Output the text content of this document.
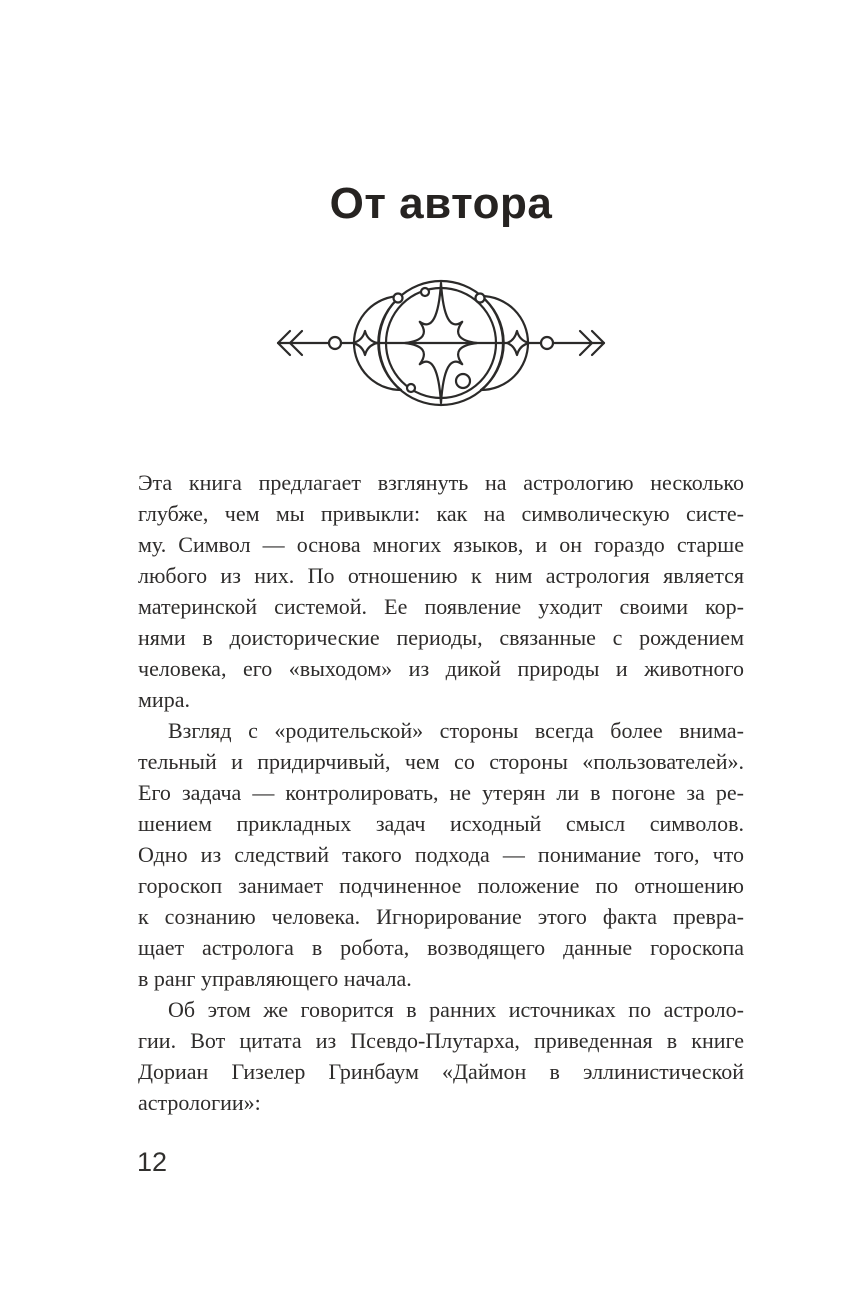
От автора
Эта книга предлагает взглянуть на астрологию несколько
глубже, чем мы привыкли: как на символическую систе-
му. Символ — основа многих языков, и он гораздо старше
любого из них. По отношению к ним астрология является
материнской системой. Ее появление уходит своими кор-
нями в доисторические периоды, связанные с рождением
человека, его «выходом» из дикой природы и животного
мира.
Взгляд с «родительской» стороны всегда более внима-
тельный и придирчивый, чем со стороны «пользователей».
Его задача — контролировать, не утерян ли в погоне за ре-
шением прикладных задач исходный смысл символов.
Одно из следствий такого подхода — понимание того, что
гороскоп занимает подчиненное положение по отношению
к сознанию человека. Игнорирование этого факта превра-
щает астролога в робота, возводящего данные гороскопа
в ранг управляющего начала.
Об этом же говорится в ранних источниках по астроло-
гии. Вот цитата из Псевдо-Плутарха, приведенная в книге
Дориан Гизелер Гринбаум «Даймон в эллинистической
астрологии»:
12
